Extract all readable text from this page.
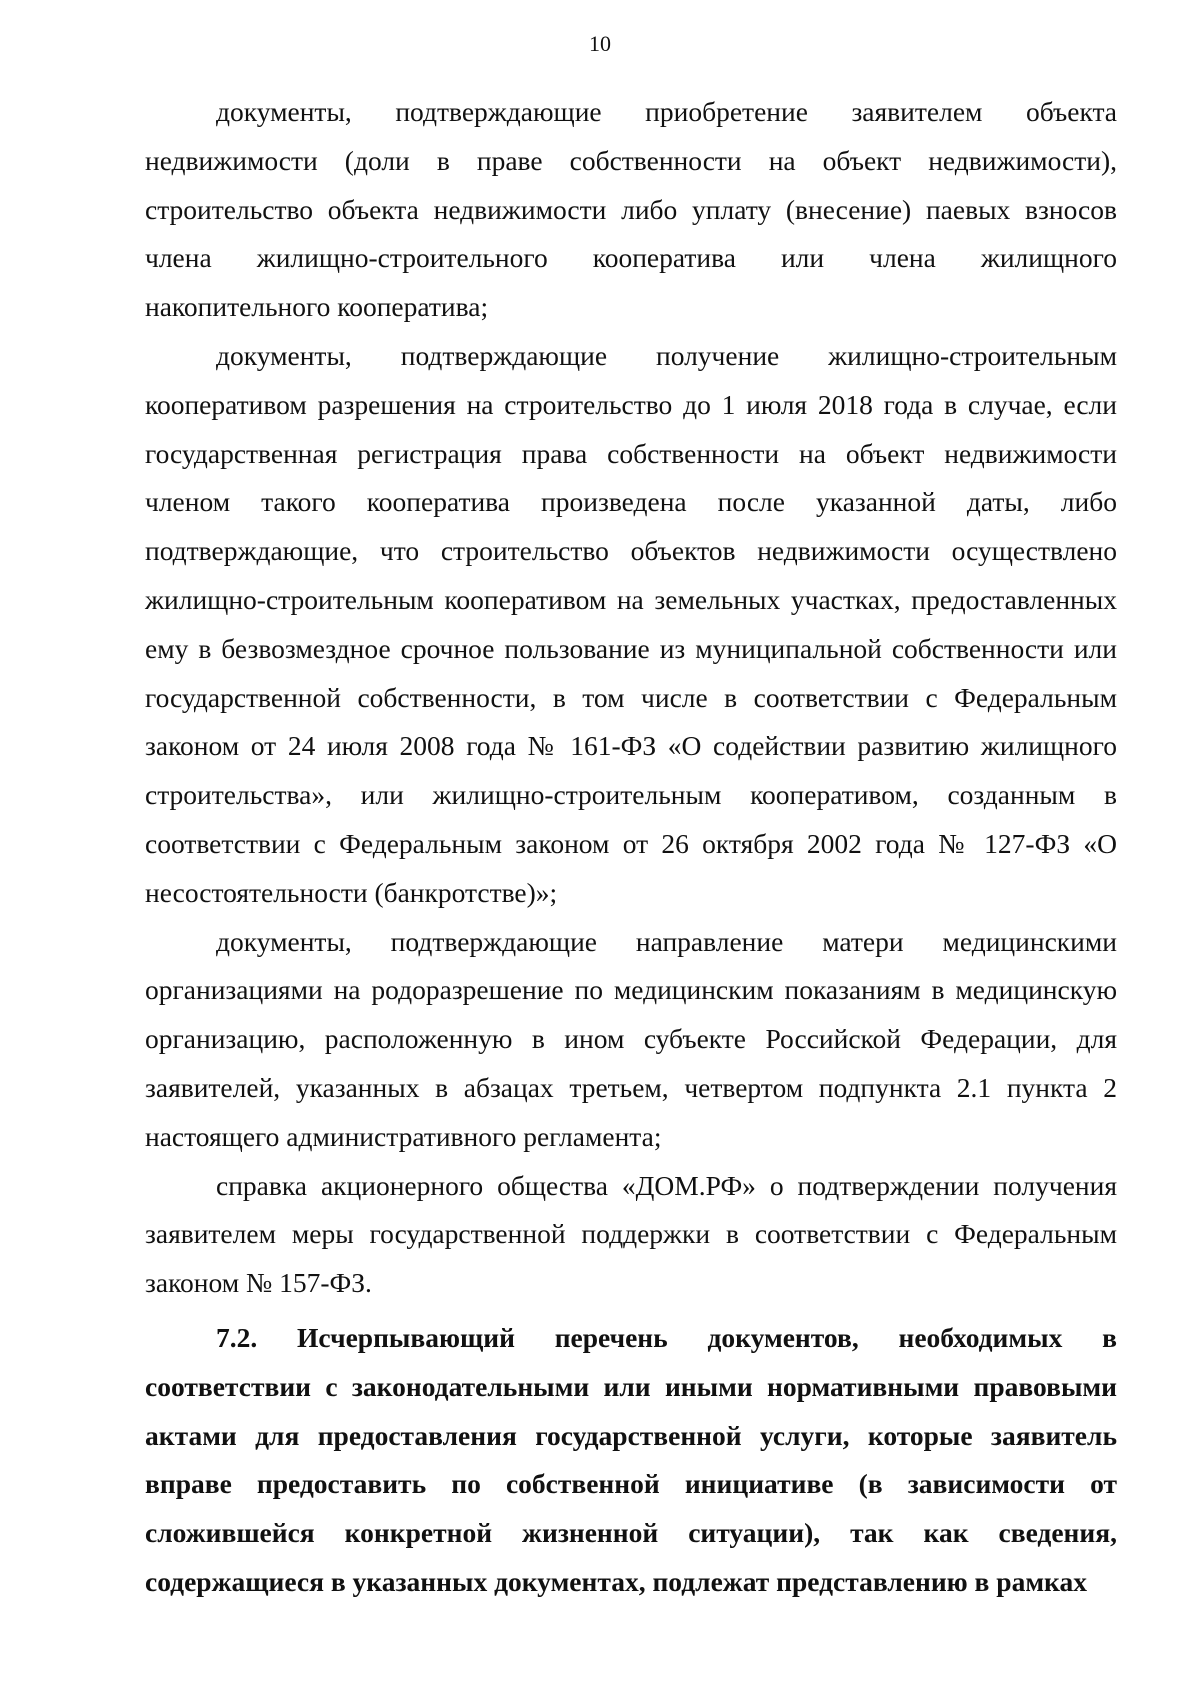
10

документы, подтверждающие приобретение заявителем объекта недвижимости (доли в праве собственности на объект недвижимости), строительство объекта недвижимости либо уплату (внесение) паевых взносов члена жилищно-строительного кооператива или члена жилищного накопительного кооператива;

документы, подтверждающие получение жилищно-строительным кооперативом разрешения на строительство до 1 июля 2018 года в случае, если государственная регистрация права собственности на объект недвижимости членом такого кооператива произведена после указанной даты, либо подтверждающие, что строительство объектов недвижимости осуществлено жилищно-строительным кооперативом на земельных участках, предоставленных ему в безвозмездное срочное пользование из муниципальной собственности или государственной собственности, в том числе в соответствии с Федеральным законом от 24 июля 2008 года № 161-ФЗ «О содействии развитию жилищного строительства», или жилищно-строительным кооперативом, созданным в соответствии с Федеральным законом от 26 октября 2002 года № 127-ФЗ «О несостоятельности (банкротстве)»;

документы, подтверждающие направление матери медицинскими организациями на родоразрешение по медицинским показаниям в медицинскую организацию, расположенную в ином субъекте Российской Федерации, для заявителей, указанных в абзацах третьем, четвертом подпункта 2.1 пункта 2 настоящего административного регламента;

справка акционерного общества «ДОМ.РФ» о подтверждении получения заявителем меры государственной поддержки в соответствии с Федеральным законом № 157-ФЗ.

7.2. Исчерпывающий перечень документов, необходимых в соответствии с законодательными или иными нормативными правовыми актами для предоставления государственной услуги, которые заявитель вправе предоставить по собственной инициативе (в зависимости от сложившейся конкретной жизненной ситуации), так как сведения, содержащиеся в указанных документах, подлежат представлению в рамках
